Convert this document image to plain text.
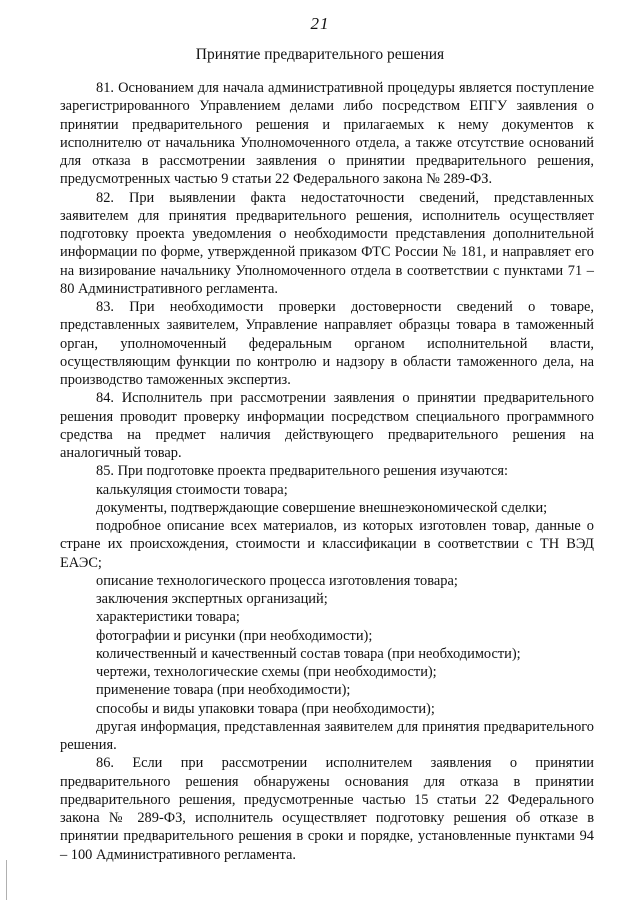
21
Принятие предварительного решения

81. Основанием для начала административной процедуры является поступление зарегистрированного Управлением делами либо посредством ЕПГУ заявления о принятии предварительного решения и прилагаемых к нему документов к исполнителю от начальника Уполномоченного отдела, а также отсутствие оснований для отказа в рассмотрении заявления о принятии предварительного решения, предусмотренных частью 9 статьи 22 Федерального закона № 289-ФЗ.

82. При выявлении факта недостаточности сведений, представленных заявителем для принятия предварительного решения, исполнитель осуществляет подготовку проекта уведомления о необходимости представления дополнительной информации по форме, утвержденной приказом ФТС России № 181, и направляет его на визирование начальнику Уполномоченного отдела в соответствии с пунктами 71 – 80 Административного регламента.

83. При необходимости проверки достоверности сведений о товаре, представленных заявителем, Управление направляет образцы товара в таможенный орган, уполномоченный федеральным органом исполнительной власти, осуществляющим функции по контролю и надзору в области таможенного дела, на производство таможенных экспертиз.

84. Исполнитель при рассмотрении заявления о принятии предварительного решения проводит проверку информации посредством специального программного средства на предмет наличия действующего предварительного решения на аналогичный товар.

85. При подготовке проекта предварительного решения изучаются:

калькуляция стоимости товара;

документы, подтверждающие совершение внешнеэкономической сделки;

подробное описание всех материалов, из которых изготовлен товар, данные о стране их происхождения, стоимости и классификации в соответствии с ТН ВЭД ЕАЭС;

описание технологического процесса изготовления товара;

заключения экспертных организаций;

характеристики товара;

фотографии и рисунки (при необходимости);

количественный и качественный состав товара (при необходимости);

чертежи, технологические схемы (при необходимости);

применение товара (при необходимости);

способы и виды упаковки товара (при необходимости);

другая информация, представленная заявителем для принятия предварительного решения.

86. Если при рассмотрении исполнителем заявления о принятии предварительного решения обнаружены основания для отказа в принятии предварительного решения, предусмотренные частью 15 статьи 22 Федерального закона № 289-ФЗ, исполнитель осуществляет подготовку решения об отказе в принятии предварительного решения в сроки и порядке, установленные пунктами 94 – 100 Административного регламента.
